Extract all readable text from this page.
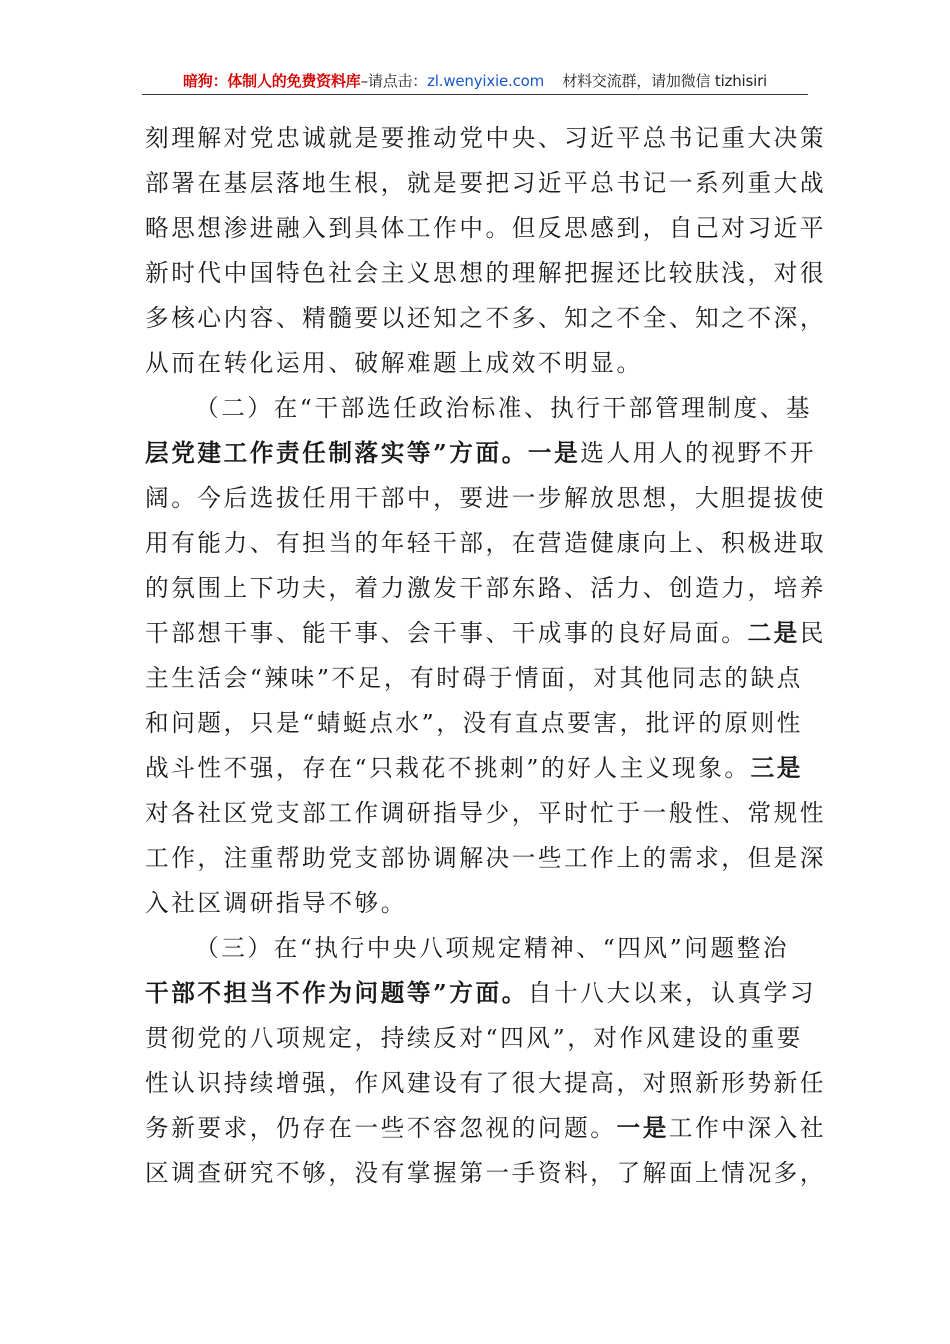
暗狗：体制人的免费资料库–请点击：zl.wenyixie.com 材料交流群，请加微信 tizhisiri
刻理解对党忠诚就是要推动党中央、习近平总书记重大决策
部署在基层落地生根，就是要把习近平总书记一系列重大战
略思想渗进融入到具体工作中。但反思感到，自己对习近平
新时代中国特色社会主义思想的理解把握还比较肤浅，对很
多核心内容、精髓要以还知之不多、知之不全、知之不深，
从而在转化运用、破解难题上成效不明显。
（二）在“干部选任政治标准、执行干部管理制度、基
层党建工作责任制落实等”方面。一是选人用人的视野不开
阔。今后选拔任用干部中，要进一步解放思想，大胆提拔使
用有能力、有担当的年轻干部，在营造健康向上、积极进取
的氛围上下功夫，着力激发干部东路、活力、创造力，培养
干部想干事、能干事、会干事、干成事的良好局面。二是民
主生活会“辣味”不足，有时碍于情面，对其他同志的缺点
和问题，只是“蜻蜓点水”，没有直点要害，批评的原则性
战斗性不强，存在“只栽花不挑刺”的好人主义现象。三是
对各社区党支部工作调研指导少，平时忙于一般性、常规性
工作，注重帮助党支部协调解决一些工作上的需求，但是深
入社区调研指导不够。
（三）在“执行中央八项规定精神、“四风”问题整治
干部不担当不作为问题等”方面。自十八大以来，认真学习
贯彻党的八项规定，持续反对“四风”，对作风建设的重要
性认识持续增强，作风建设有了很大提高，对照新形势新任
务新要求，仍存在一些不容忽视的问题。一是工作中深入社
区调查研究不够，没有掌握第一手资料，了解面上情况多，
